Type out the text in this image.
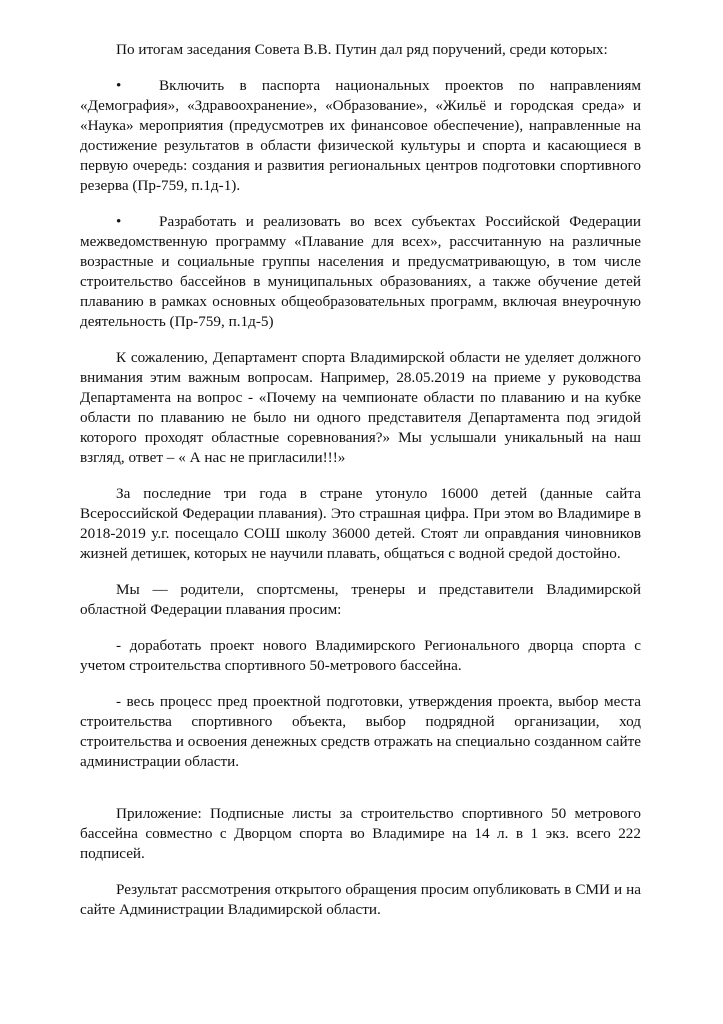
По итогам заседания Совета В.В. Путин дал ряд поручений, среди которых:

• Включить в паспорта национальных проектов по направлениям «Демография», «Здравоохранение», «Образование», «Жильё и городская среда» и «Наука» мероприятия (предусмотрев их финансовое обеспечение), направленные на достижение результатов в области физической культуры и спорта и касающиеся в первую очередь: создания и развития региональных центров подготовки спортивного резерва (Пр-759, п.1д-1).

• Разработать и реализовать во всех субъектах Российской Федерации межведомственную программу «Плавание для всех», рассчитанную на различные возрастные и социальные группы населения и предусматривающую, в том числе строительство бассейнов в муниципальных образованиях, а также обучение детей плаванию в рамках основных общеобразовательных программ, включая внеурочную деятельность (Пр-759, п.1д-5)

К сожалению, Департамент спорта Владимирской области не уделяет должного внимания этим важным вопросам. Например, 28.05.2019 на приеме у руководства Департамента на вопрос - «Почему на чемпионате области по плаванию и на кубке области по плаванию не было ни одного представителя Департамента под эгидой которого проходят областные соревнования?» Мы услышали уникальный на наш взгляд, ответ – « А нас не пригласили!!!»

За последние три года в стране утонуло 16000 детей (данные сайта Всероссийской Федерации плавания). Это страшная цифра. При этом во Владимире в 2018-2019 у.г. посещало СОШ школу 36000 детей. Стоят ли оправдания чиновников жизней детишек, которых не научили плавать, общаться с водной средой достойно.

Мы — родители, спортсмены, тренеры и представители Владимирской областной Федерации плавания просим:

- доработать проект нового Владимирского Регионального дворца спорта с учетом строительства спортивного 50-метрового бассейна.

- весь процесс пред проектной подготовки, утверждения проекта, выбор места строительства спортивного объекта, выбор подрядной организации, ход строительства и освоения денежных средств отражать на специально созданном сайте администрации области.

Приложение: Подписные листы за строительство спортивного 50 метрового бассейна совместно с Дворцом спорта во Владимире на 14 л. в 1 экз. всего 222 подписей.

Результат рассмотрения открытого обращения просим опубликовать в СМИ и на сайте Администрации Владимирской области.
